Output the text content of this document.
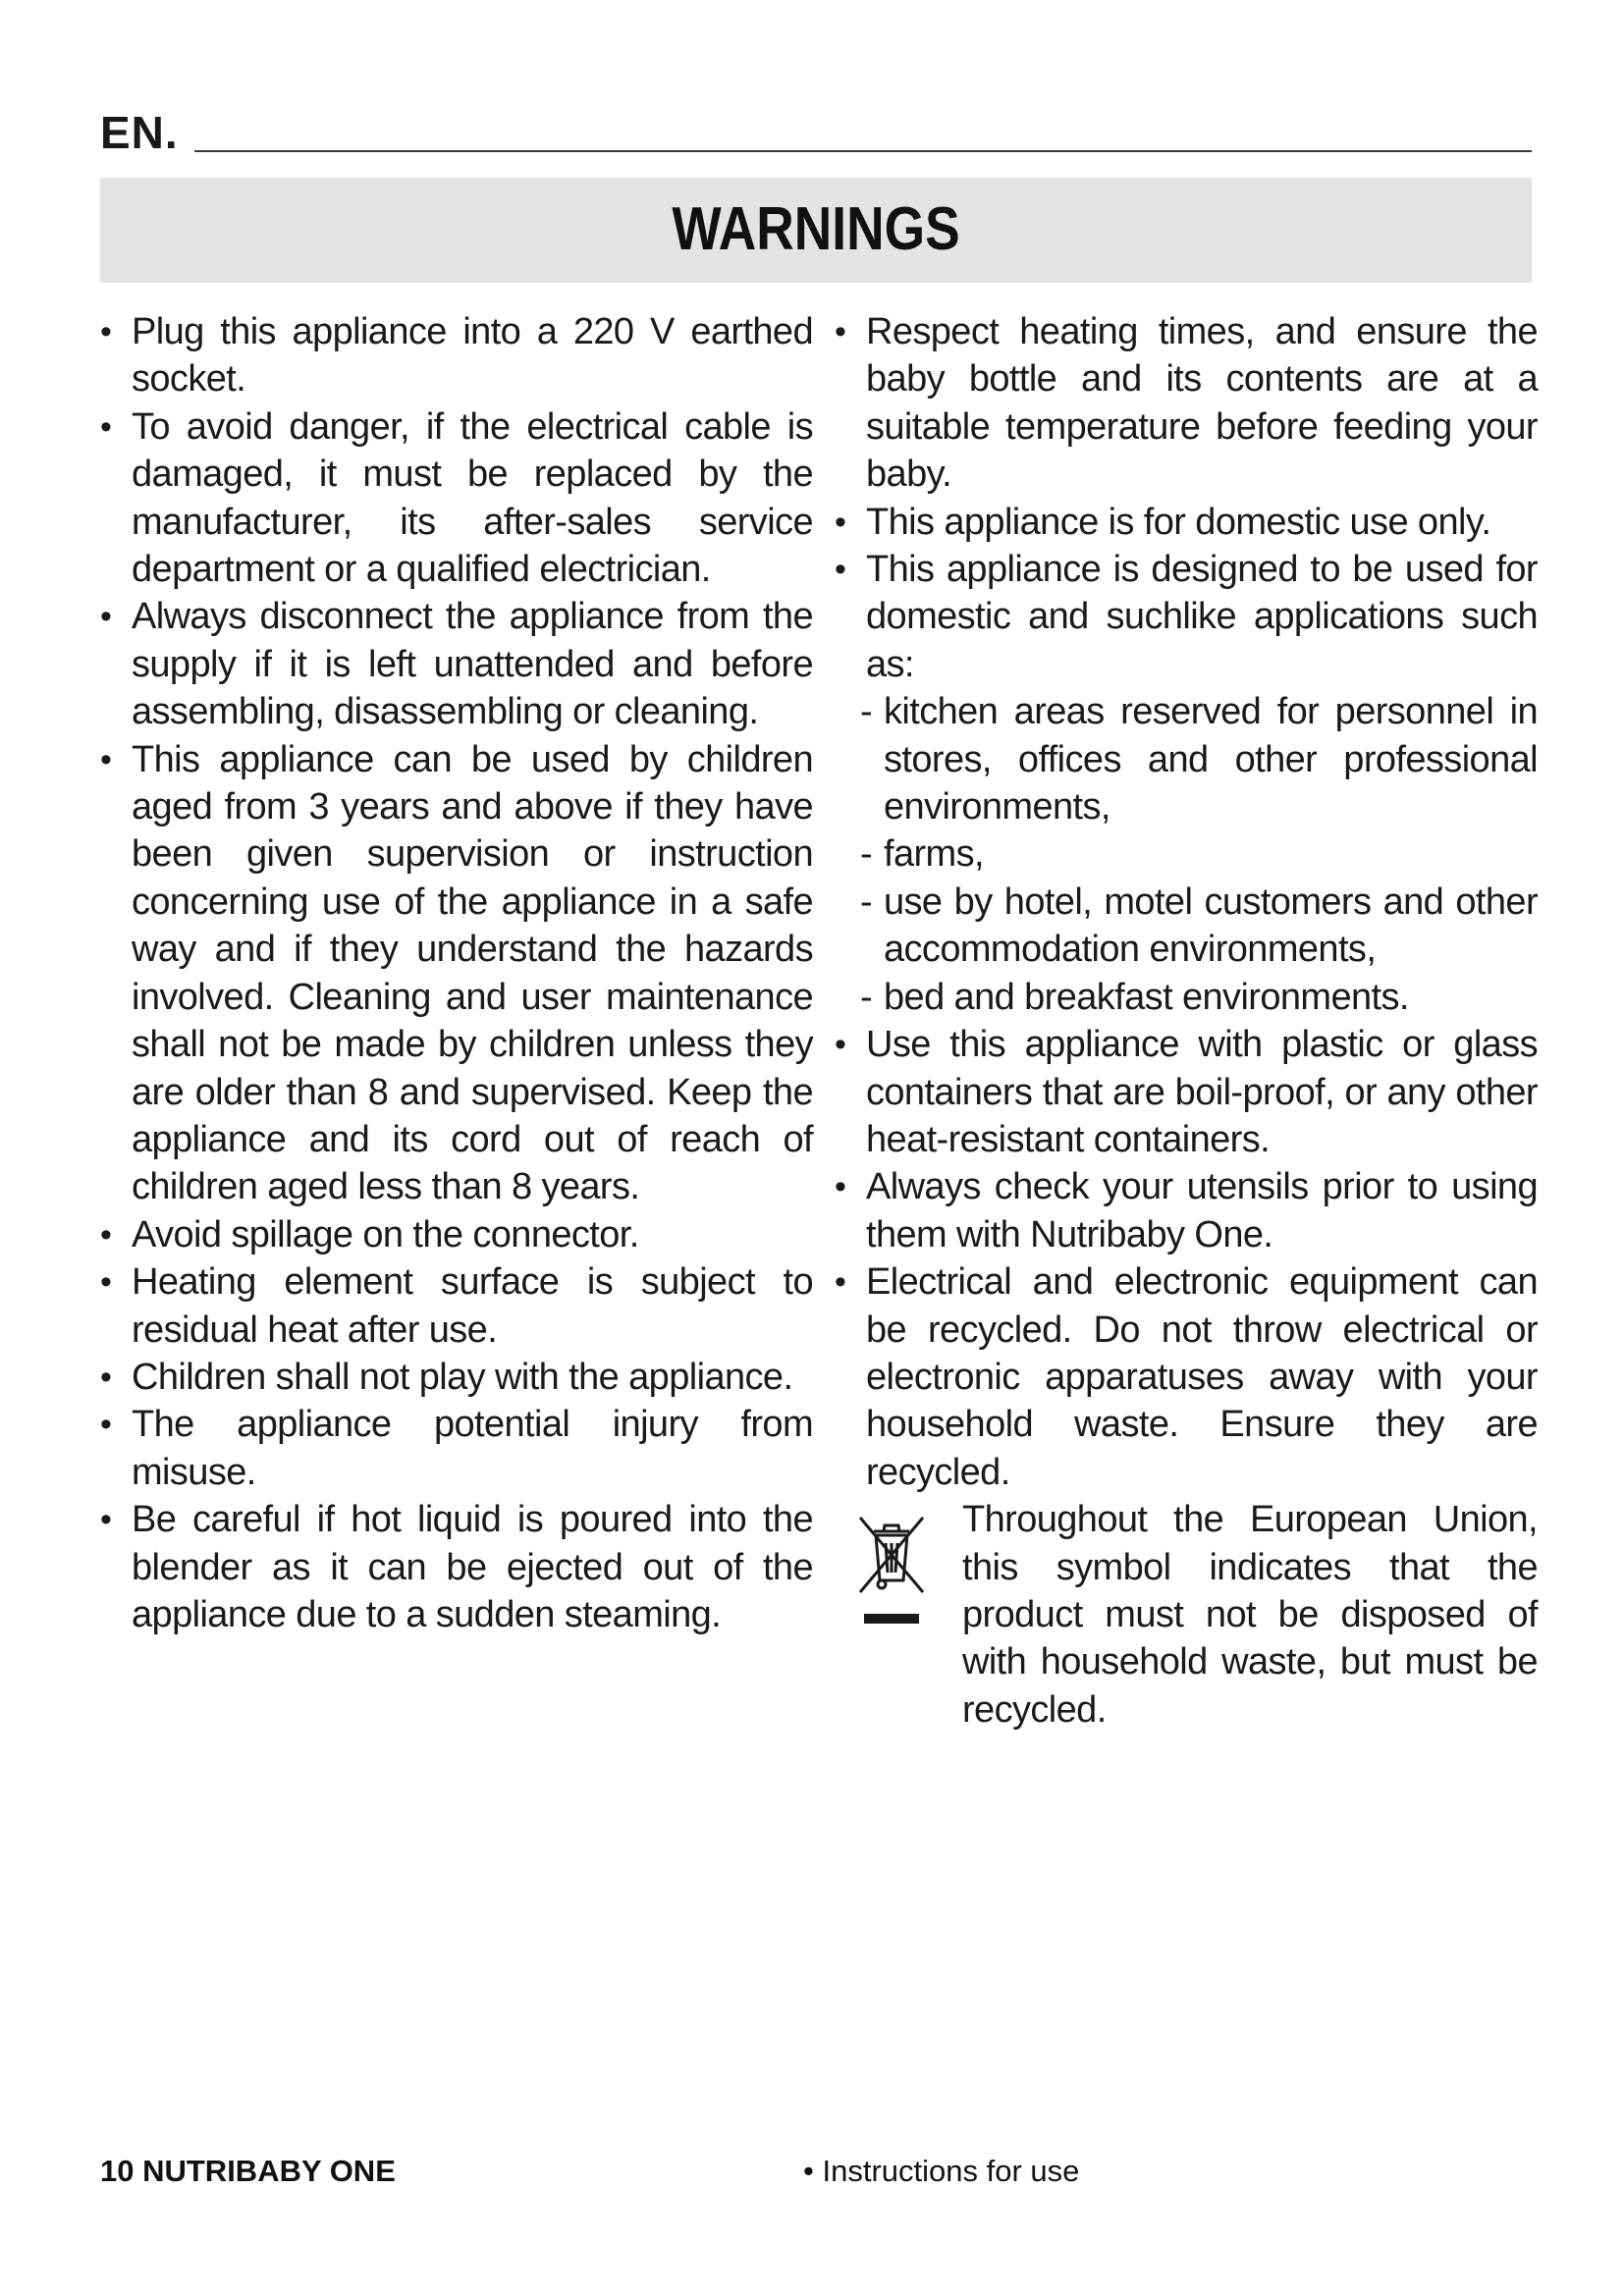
EN.
WARNINGS
• Plug this appliance into a 220 V earthed socket.
• To avoid danger, if the electrical cable is damaged, it must be replaced by the manufacturer, its after-sales service department or a qualified electrician.
• Always disconnect the appliance from the supply if it is left unattended and before assembling, disassembling or cleaning.
• This appliance can be used by children aged from 3 years and above if they have been given supervision or instruction concerning use of the appliance in a safe way and if they understand the hazards involved. Cleaning and user maintenance shall not be made by children unless they are older than 8 and supervised. Keep the appliance and its cord out of reach of children aged less than 8 years.
• Avoid spillage on the connector.
• Heating element surface is subject to residual heat after use.
• Children shall not play with the appliance.
• The appliance potential injury from misuse.
• Be careful if hot liquid is poured into the blender as it can be ejected out of the appliance due to a sudden steaming.
• Respect heating times, and ensure the baby bottle and its contents are at a suitable temperature before feeding your baby.
• This appliance is for domestic use only.
• This appliance is designed to be used for domestic and suchlike applications such as:
- kitchen areas reserved for personnel in stores, offices and other professional environments,
- farms,
- use by hotel, motel customers and other accommodation environments,
- bed and breakfast environments.
• Use this appliance with plastic or glass containers that are boil-proof, or any other heat-resistant containers.
• Always check your utensils prior to using them with Nutribaby One.
• Electrical and electronic equipment can be recycled. Do not throw electrical or electronic apparatuses away with your household waste. Ensure they are recycled.
Throughout the European Union, this symbol indicates that the product must not be disposed of with household waste, but must be recycled.
10 NUTRIBABY ONE	• Instructions for use
